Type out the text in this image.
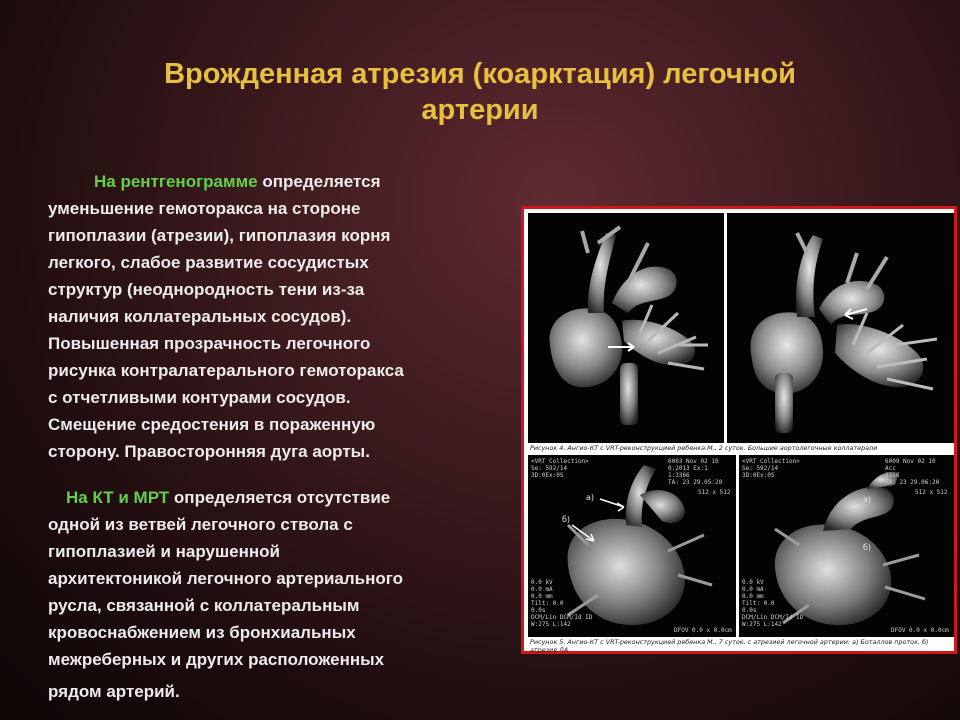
Врожденная атрезия (коарктация) легочной
артерии
На рентгенограмме определяется
уменьшение гемоторакса на стороне
гипоплазии (атрезии), гипоплазия корня
легкого, слабое развитие сосудистых
структур (неоднородность тени из-за
наличия коллатеральных сосудов).
Повышенная прозрачность легочного
рисунка контралатерального гемоторакса
с отчетливыми контурами сосудов.
Смещение средостения в пораженную
сторону. Правосторонняя дуга аорты.
На КТ и МРТ определяется отсутствие
одной из ветвей легочного ствола с
гипоплазией и нарушенной
архитектоникой легочного артериального
русла, связанной с коллатеральным
кровоснабжением из бронхиальных
межреберных и других расположенных
рядом артерий.
Рисунок 4. Ангио-КТ с VRT-реконструкцией ребенка М., 2 суток. Большие аортолегочные коллатерали
<VRT Collection>
Se: 592/14
3D:0Ex:0S
6003 Nov 02 10
0:2013 Ex:1
1:3366
TA: 23 29.05:20
512 x 512
0.0 kV
0.0 mA
0.0 mm
Tilt: 0.0
0.0s
DCM/Lin DCM/Id ID
W:275 L:142
DFOV 0.0 x 0.0cm
а)
б)
<VRT Collection>
Se: 592/14
3D:0Ex:0S
6009 Nov 02 10
Acc
3366
TA: 23 29.06:20
512 x 512
0.0 kV
0.0 mA
0.0 mm
Tilt: 0.0
0.0s
DCM/Lin DCM/Id ID
W:275 L:142
DFOV 0.0 x 0.0cm
а)
б)
Рисунок 5. Ангио-КТ с VRT-реконструкцией ребенка М., 7 суток, с атрезией легочной артерии: а) Боталлов проток, б) атрезия ЛА
